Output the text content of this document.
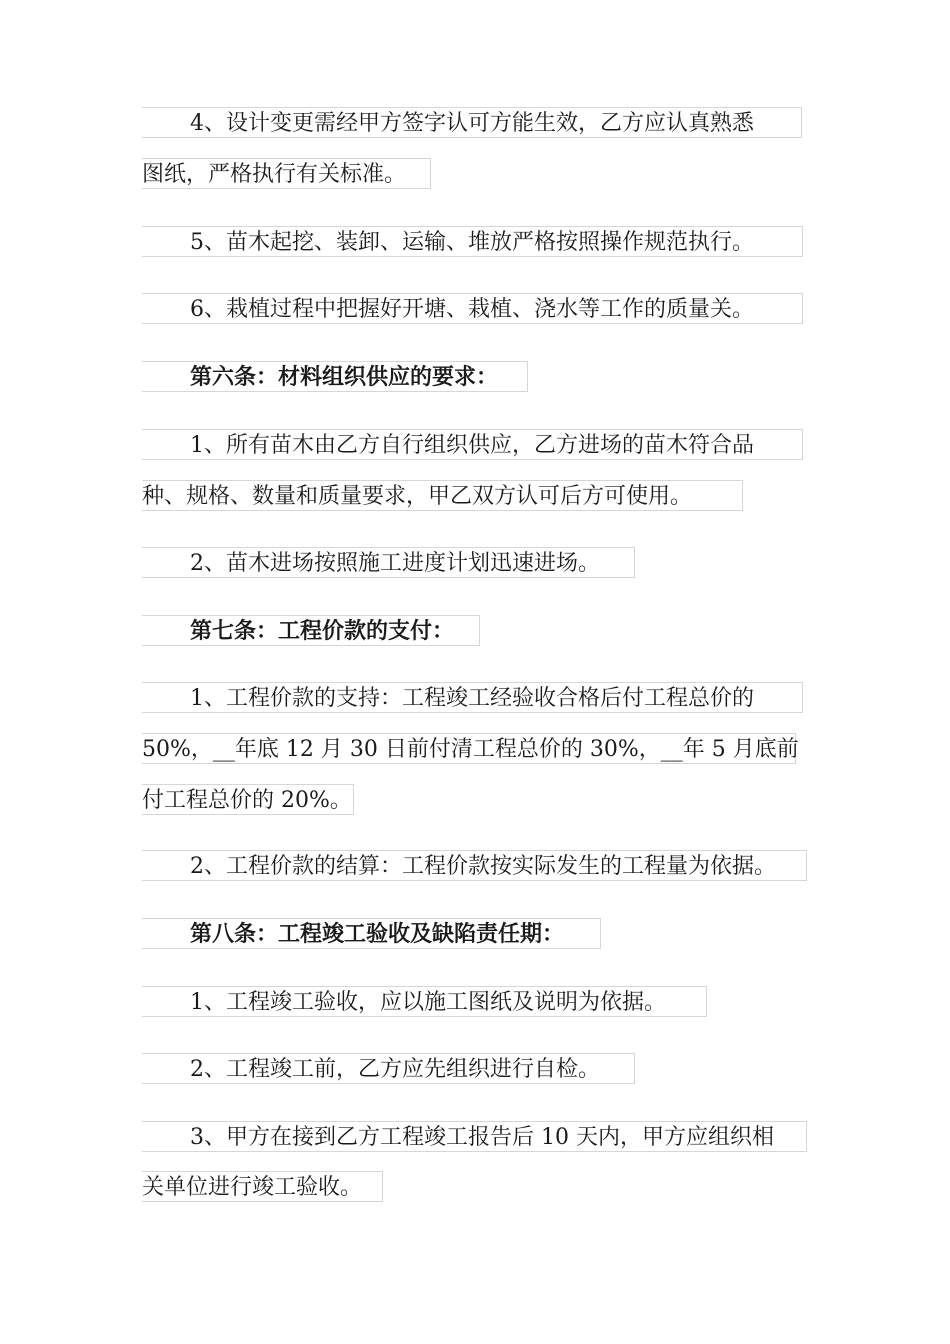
4、设计变更需经甲方签字认可方能生效，乙方应认真熟悉
图纸，严格执行有关标准。
5、苗木起挖、装卸、运输、堆放严格按照操作规范执行。
6、栽植过程中把握好开塘、栽植、浇水等工作的质量关。
第六条：材料组织供应的要求：
1、所有苗木由乙方自行组织供应，乙方进场的苗木符合品
种、规格、数量和质量要求，甲乙双方认可后方可使用。
2、苗木进场按照施工进度计划迅速进场。
第七条：工程价款的支付：
1、工程价款的支持：工程竣工经验收合格后付工程总价的
50%，__年底 12 月 30 日前付清工程总价的 30%，__年 5 月底前
付工程总价的 20%。
2、工程价款的结算：工程价款按实际发生的工程量为依据。
第八条：工程竣工验收及缺陷责任期：
1、工程竣工验收，应以施工图纸及说明为依据。
2、工程竣工前，乙方应先组织进行自检。
3、甲方在接到乙方工程竣工报告后 10 天内，甲方应组织相
关单位进行竣工验收。
